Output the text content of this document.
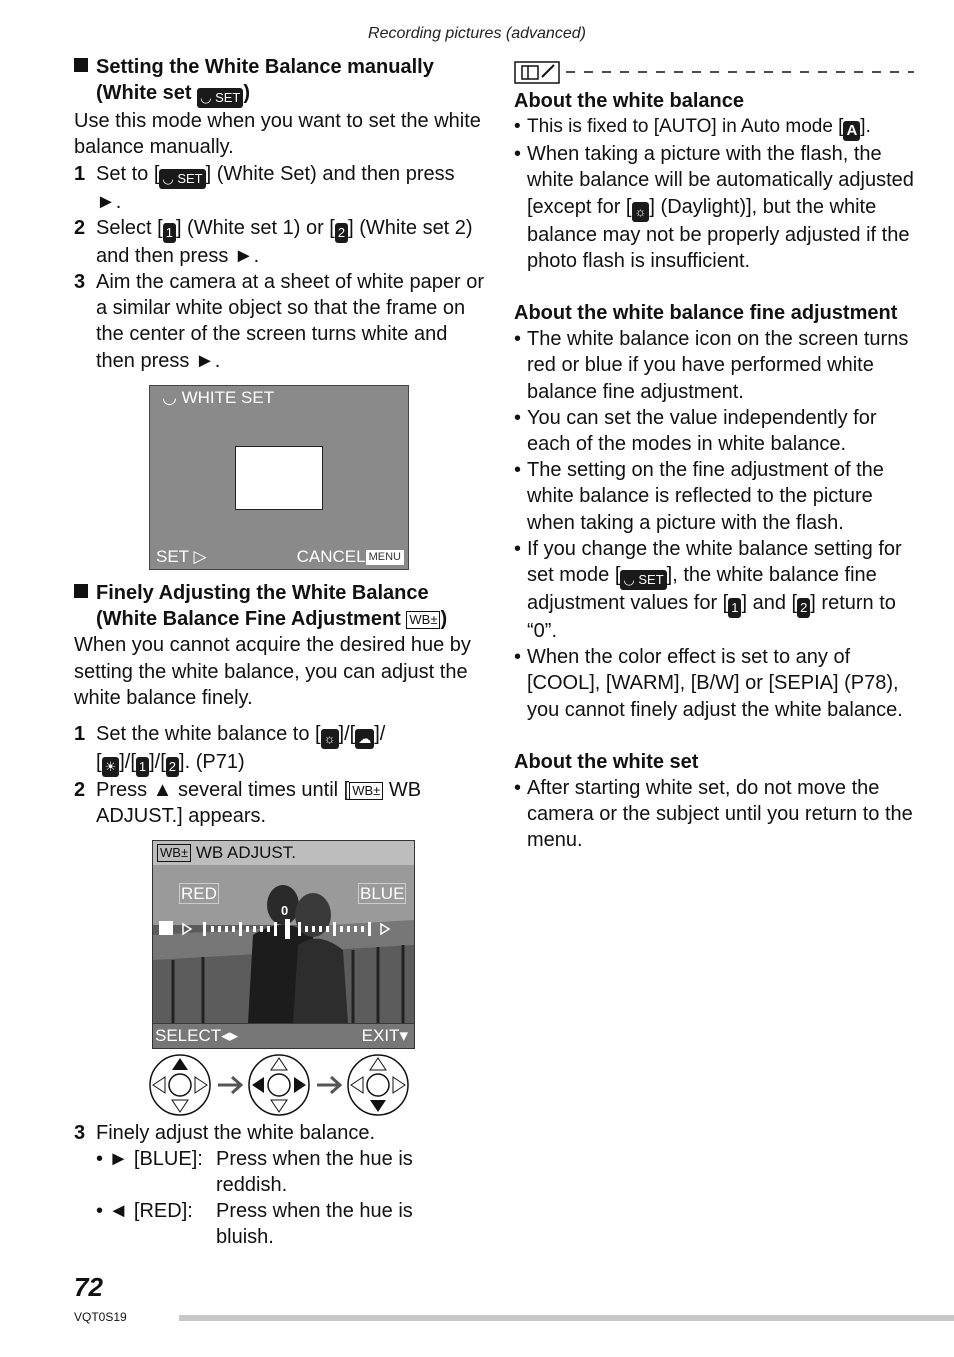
Recording pictures (advanced)
Setting the White Balance manually
(White set ◡ SET )
Use this mode when you want to set the white balance manually.
1 Set to [ ◡ SET ] (White Set) and then press ►.
2 Select [ 1 ] (White set 1) or [ 2 ] (White set 2) and then press ►.
3 Aim the camera at a sheet of white paper or a similar white object so that the frame on the center of the screen turns white and then press ►.
◡ WHITE SET
SET ▷	CANCEL MENU
Finely Adjusting the White Balance
(White Balance Fine Adjustment WB± )
When you cannot acquire the desired hue by setting the white balance, you can adjust the white balance finely.
1 Set the white balance to [ ☼ ]/[ ☁ ]/
[ ☀ ]/[ 1 ]/[ 2 ]. (P71)
2 Press ▲ several times until [ WB± WB ADJUST.] appears.
WB± WB ADJUST.
RED	BLUE
0
SELECT◂▸	EXIT▾
3 Finely adjust the white balance.
• ► [BLUE]: Press when the hue is
reddish.
• ◄ [RED]: Press when the hue is
bluish.
About the white balance
• This is fixed to [AUTO] in Auto mode [ A ].
• When taking a picture with the flash, the white balance will be automatically adjusted [except for [ ☼ ] (Daylight)], but the white balance may not be properly adjusted if the photo flash is insufficient.
About the white balance fine adjustment
• The white balance icon on the screen turns red or blue if you have performed white balance fine adjustment.
• You can set the value independently for each of the modes in white balance.
• The setting on the fine adjustment of the white balance is reflected to the picture when taking a picture with the flash.
• If you change the white balance setting for set mode [ ◡ SET ], the white balance fine adjustment values for [ 1 ] and [ 2 ] return to “0”.
• When the color effect is set to any of [COOL], [WARM], [B/W] or [SEPIA] (P78), you cannot finely adjust the white balance.
About the white set
• After starting white set, do not move the camera or the subject until you return to the menu.
72
VQT0S19
